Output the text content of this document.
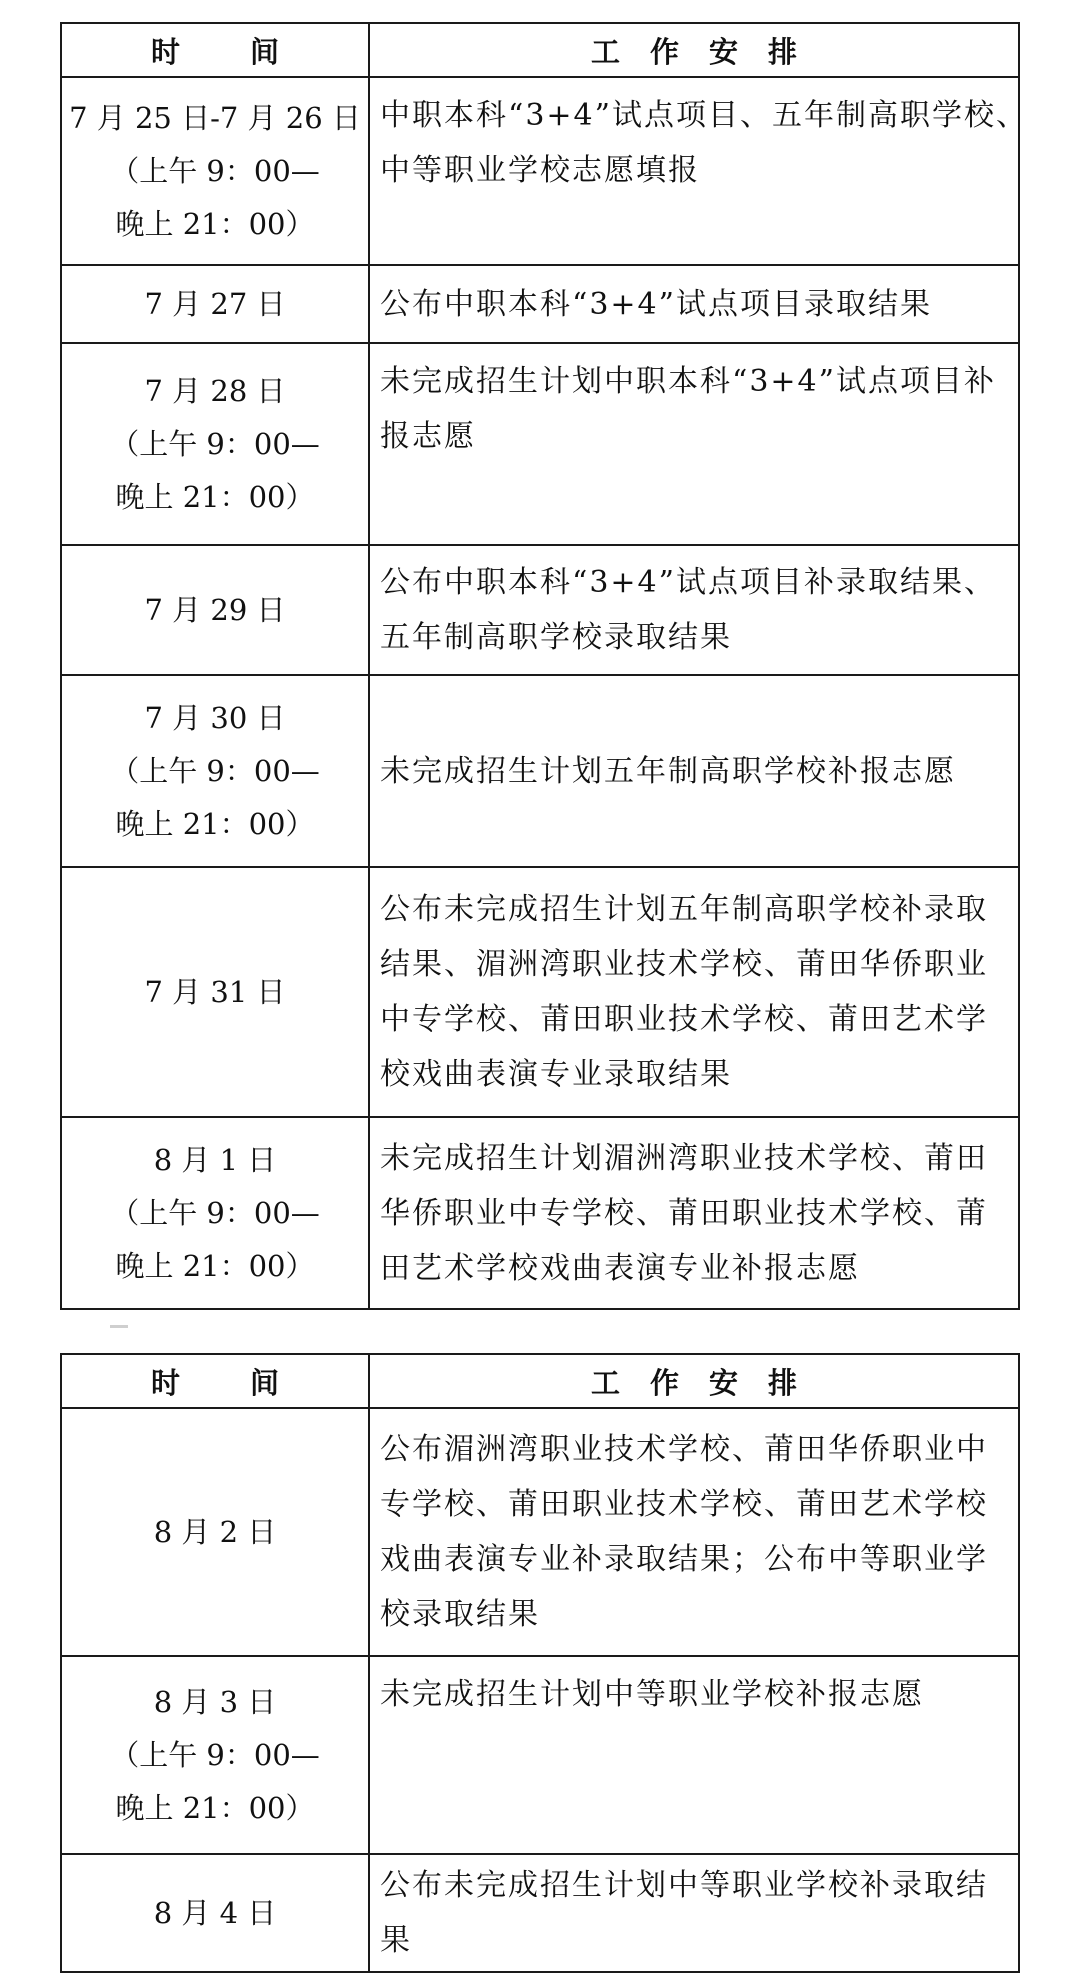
时 间	工作安排

7 月 25 日-7 月 26 日
（上午 9：00—
晚上 21：00）	中职本科“3+4”试点项目、五年制高职学校、
中等职业学校志愿填报

7 月 27 日	公布中职本科“3+4”试点项目录取结果

7 月 28 日
（上午 9：00—
晚上 21：00）	未完成招生计划中职本科“3+4”试点项目补
报志愿

7 月 29 日	公布中职本科“3+4”试点项目补录取结果、
五年制高职学校录取结果

7 月 30 日
（上午 9：00—
晚上 21：00）	未完成招生计划五年制高职学校补报志愿

7 月 31 日	公布未完成招生计划五年制高职学校补录取
结果、湄洲湾职业技术学校、莆田华侨职业
中专学校、莆田职业技术学校、莆田艺术学
校戏曲表演专业录取结果

8 月 1 日
（上午 9：00—
晚上 21：00）	未完成招生计划湄洲湾职业技术学校、莆田
华侨职业中专学校、莆田职业技术学校、莆
田艺术学校戏曲表演专业补报志愿
时 间	工作安排

8 月 2 日	公布湄洲湾职业技术学校、莆田华侨职业中
专学校、莆田职业技术学校、莆田艺术学校
戏曲表演专业补录取结果；公布中等职业学
校录取结果

8 月 3 日
（上午 9：00—
晚上 21：00）	未完成招生计划中等职业学校补报志愿

8 月 4 日	公布未完成招生计划中等职业学校补录取结
果
